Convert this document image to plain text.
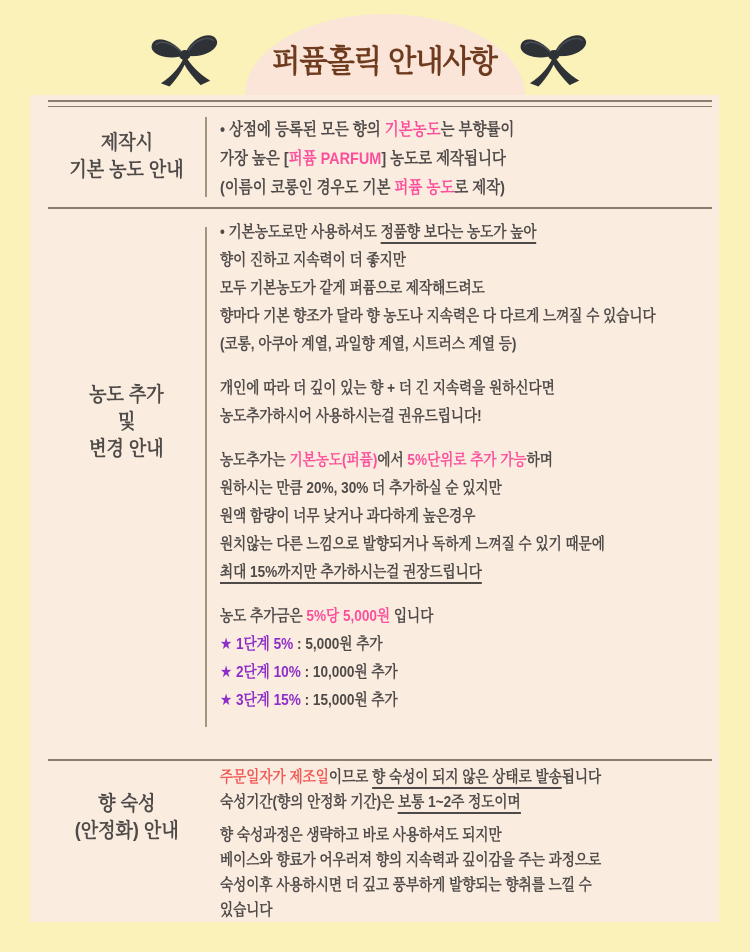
제작시
기본 농도 안내
• 상점에 등록된 모든 향의 기본농도는 부향률이
가장 높은 [퍼퓸 PARFUM] 농도로 제작됩니다
(이름이 코롱인 경우도 기본 퍼퓸 농도로 제작)
농도 추가
및
변경 안내
• 기본농도로만 사용하셔도 정품향 보다는 농도가 높아
향이 진하고 지속력이 더 좋지만
모두 기본농도가 같게 퍼퓸으로 제작해드려도
향마다 기본 향조가 달라 향 농도나 지속력은 다 다르게 느껴질 수 있습니다
(코롱, 아쿠아 계열, 과일향 계열, 시트러스 계열 등)
개인에 따라 더 깊이 있는 향 + 더 긴 지속력을 원하신다면
농도추가하시어 사용하시는걸 권유드립니다!
농도추가는 기본농도(퍼퓸)에서 5%단위로 추가 가능하며
원하시는 만큼 20%, 30% 더 추가하실 순 있지만
원액 함량이 너무 낮거나 과다하게 높은경우
원치않는 다른 느낌으로 발향되거나 독하게 느껴질 수 있기 때문에
최대 15%까지만 추가하시는걸 권장드립니다
농도 추가금은 5%당 5,000원 입니다
★ 1단계 5% : 5,000원 추가
★ 2단계 10% : 10,000원 추가
★ 3단계 15% : 15,000원 추가
향 숙성
(안정화) 안내
주문일자가 제조일이므로 향 숙성이 되지 않은 상태로 발송됩니다
숙성기간(향의 안정화 기간)은 보통 1~2주 정도이며
향 숙성과정은 생략하고 바로 사용하셔도 되지만
베이스와 향료가 어우러져 향의 지속력과 깊이감을 주는 과정으로
숙성이후 사용하시면 더 깊고 풍부하게 발향되는 향취를 느낄 수
있습니다
퍼퓸홀릭 안내사항
